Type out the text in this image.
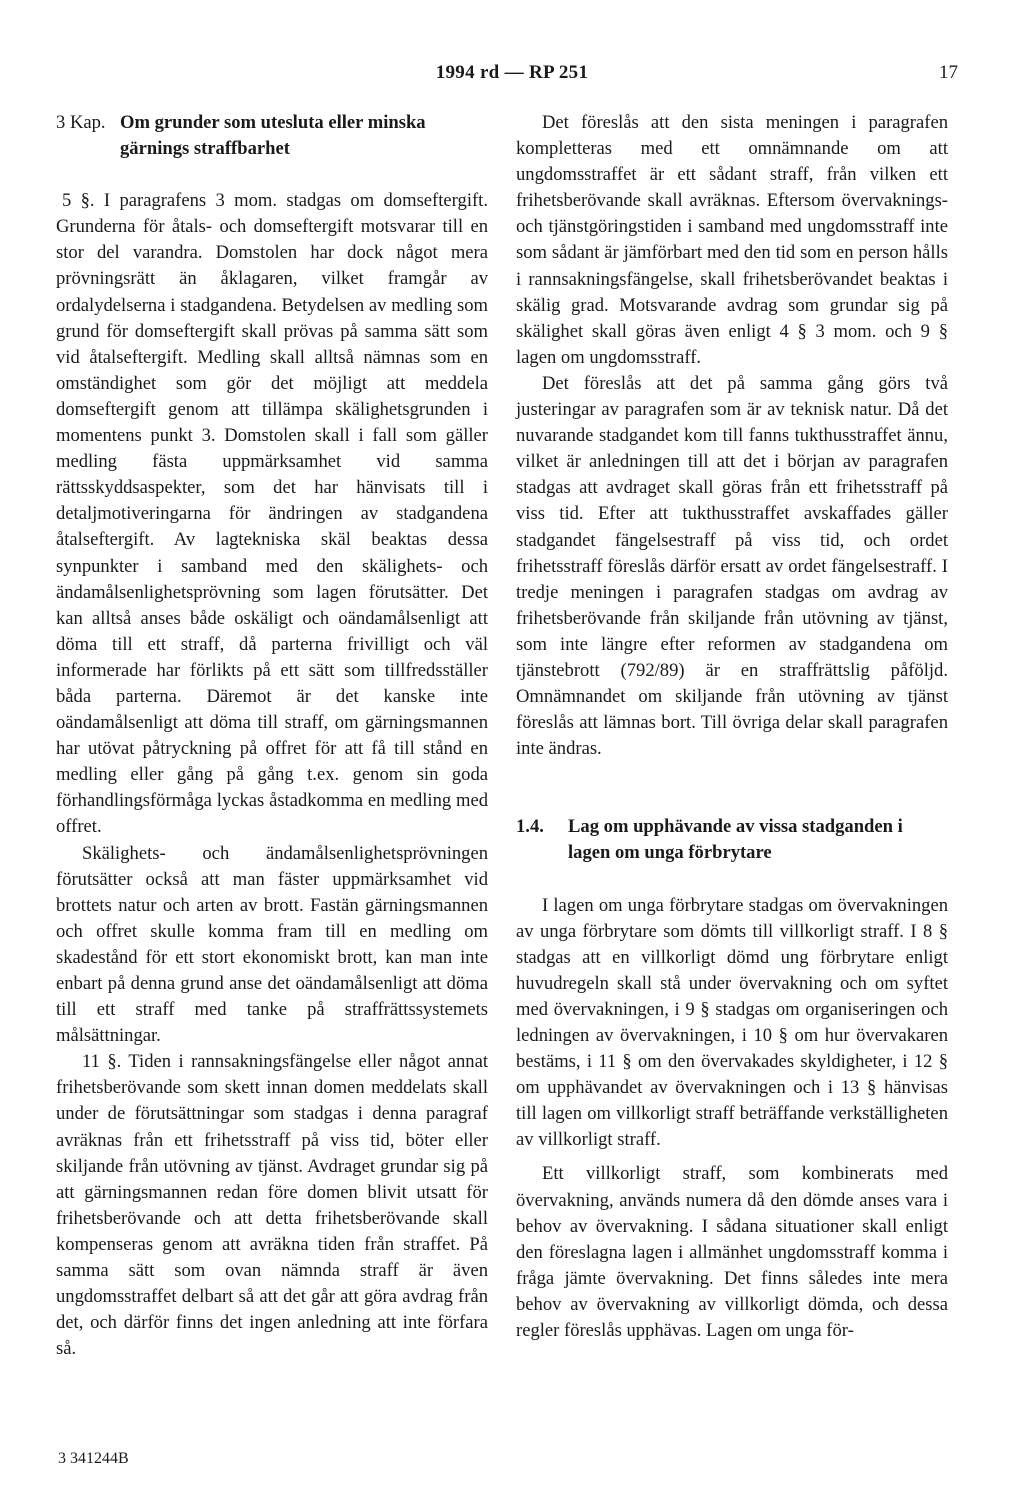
1994 rd — RP 251	17
3 Kap. Om grunder som utesluta eller minska gärnings straffbarhet

5 §. I paragrafens 3 mom. stadgas om domseftergift. Grunderna för åtals- och domseftergift motsvarar till en stor del varandra. Domstolen har dock något mera prövningsrätt än åklagaren, vilket framgår av ordalydelserna i stadgandena. Betydelsen av medling som grund för domseftergift skall prövas på samma sätt som vid åtalseftergift. Medling skall alltså nämnas som en omständighet som gör det möjligt att meddela domseftergift genom att tillämpa skälighetsgrunden i momentens punkt 3. Domstolen skall i fall som gäller medling fästa uppmärksamhet vid samma rättsskyddsaspekter, som det har hänvisats till i detaljmotiveringarna för ändringen av stadgandena åtalseftergift. Av lagtekniska skäl beaktas dessa synpunkter i samband med den skälighets- och ändamålsenlighetsprövning som lagen förutsätter. Det kan alltså anses både oskäligt och oändamålsenligt att döma till ett straff, då parterna frivilligt och väl informerade har förlikts på ett sätt som tillfredsställer båda parterna. Däremot är det kanske inte oändamålsenligt att döma till straff, om gärningsmannen har utövat påtryckning på offret för att få till stånd en medling eller gång på gång t.ex. genom sin goda förhandlingsförmåga lyckas åstadkomma en medling med offret.

Skälighets- och ändamålsenlighetsprövningen förutsätter också att man fäster uppmärksamhet vid brottets natur och arten av brott. Fastän gärningsmannen och offret skulle komma fram till en medling om skadestånd för ett stort ekonomiskt brott, kan man inte enbart på denna grund anse det oändamålsenligt att döma till ett straff med tanke på straffrättssystemets målsättningar.

11 §. Tiden i rannsakningsfängelse eller något annat frihetsberövande som skett innan domen meddelats skall under de förutsättningar som stadgas i denna paragraf avräknas från ett frihetsstraff på viss tid, böter eller skiljande från utövning av tjänst. Avdraget grundar sig på att gärningsmannen redan före domen blivit utsatt för frihetsberövande och att detta frihetsberövande skall kompenseras genom att avräkna tiden från straffet. På samma sätt som ovan nämnda straff är även ungdomsstraffet delbart så att det går att göra avdrag från det, och därför finns det ingen anledning att inte förfara så.

Det föreslås att den sista meningen i paragrafen kompletteras med ett omnämnande om att ungdomsstraffet är ett sådant straff, från vilken ett frihetsberövande skall avräknas. Eftersom övervaknings- och tjänstgöringstiden i samband med ungdomsstraff inte som sådant är jämförbart med den tid som en person hålls i rannsakningsfängelse, skall frihetsberövandet beaktas i skälig grad. Motsvarande avdrag som grundar sig på skälighet skall göras även enligt 4 § 3 mom. och 9 § lagen om ungdomsstraff.

Det föreslås att det på samma gång görs två justeringar av paragrafen som är av teknisk natur. Då det nuvarande stadgandet kom till fanns tukthusstraffet ännu, vilket är anledningen till att det i början av paragrafen stadgas att avdraget skall göras från ett frihetsstraff på viss tid. Efter att tukthusstraffet avskaffades gäller stadgandet fängelsestraff på viss tid, och ordet frihetsstraff föreslås därför ersatt av ordet fängelsestraff. I tredje meningen i paragrafen stadgas om avdrag av frihetsberövande från skiljande från utövning av tjänst, som inte längre efter reformen av stadgandena om tjänstebrott (792/89) är en straffrättslig påföljd. Omnämnandet om skiljande från utövning av tjänst föreslås att lämnas bort. Till övriga delar skall paragrafen inte ändras.

1.4.	Lag om upphävande av vissa stadganden i lagen om unga förbrytare

I lagen om unga förbrytare stadgas om övervakningen av unga förbrytare som dömts till villkorligt straff. I 8 § stadgas att en villkorligt dömd ung förbrytare enligt huvudregeln skall stå under övervakning och om syftet med övervakningen, i 9 § stadgas om organiseringen och ledningen av övervakningen, i 10 § om hur övervakaren bestäms, i 11 § om den övervakades skyldigheter, i 12 § om upphävandet av övervakningen och i 13 § hänvisas till lagen om villkorligt straff beträffande verkställigheten av villkorligt straff.

Ett villkorligt straff, som kombinerats med övervakning, används numera då den dömde anses vara i behov av övervakning. I sådana situationer skall enligt den föreslagna lagen i allmänhet ungdomsstraff komma i fråga jämte övervakning. Det finns således inte mera behov av övervakning av villkorligt dömda, och dessa regler föreslås upphävas. Lagen om unga för-

3 341244B
